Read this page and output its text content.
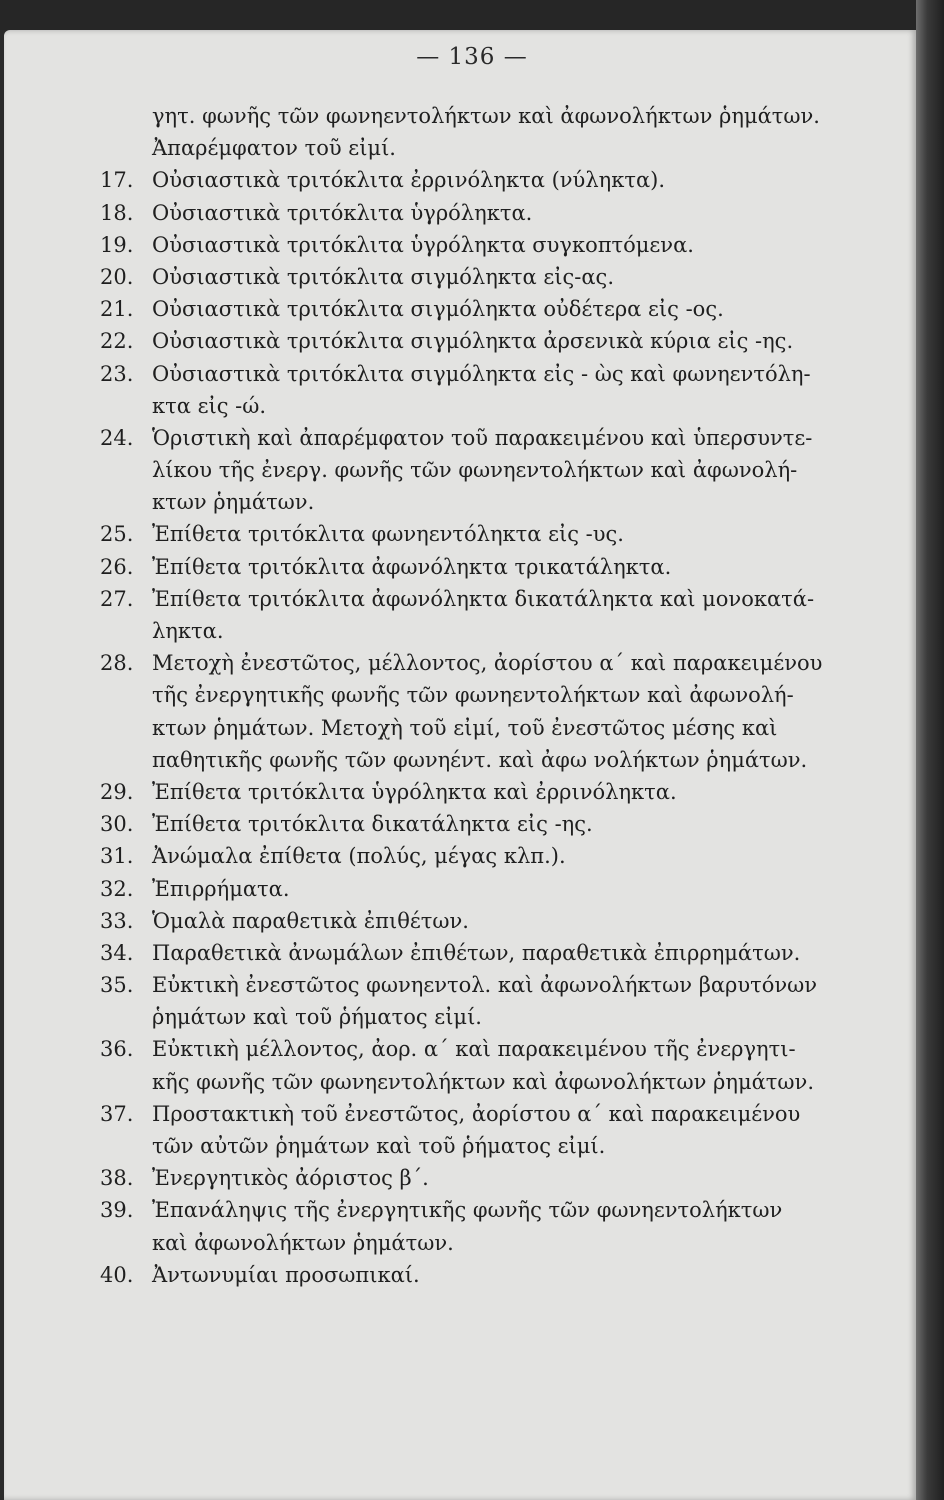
— 136 —
γητ. φωνῆς τῶν φωνηεντολήκτων καὶ ἀφωνολήκτων ῥημάτων.
Ἀπαρέμφατον τοῦ εἰμί.
17. Οὐσιαστικὰ τριτόκλιτα ἐρρινόληκτα (νύληκτα).
18. Οὐσιαστικὰ τριτόκλιτα ὑγρόληκτα.
19. Οὐσιαστικὰ τριτόκλιτα ὑγρόληκτα συγκοπτόμενα.
20. Οὐσιαστικὰ τριτόκλιτα σιγμόληκτα εἰς-ας.
21. Οὐσιαστικὰ τριτόκλιτα σιγμόληκτα οὐδέτερα εἰς -ος.
22. Οὐσιαστικὰ τριτόκλιτα σιγμόληκτα ἀρσενικὰ κύρια εἰς -ης.
23. Οὐσιαστικὰ τριτόκλιτα σιγμόληκτα εἰς - ὼς καὶ φωνηεντόλη-
κτα εἰς -ώ.
24. Ὁριστικὴ καὶ ἀπαρέμφατον τοῦ παρακειμένου καὶ ὑπερσυντε-
λίκου τῆς ἐνεργ. φωνῆς τῶν φωνηεντολήκτων καὶ ἀφωνολή-
κτων ῥημάτων.
25. Ἐπίθετα τριτόκλιτα φωνηεντόληκτα εἰς -υς.
26. Ἐπίθετα τριτόκλιτα ἀφωνόληκτα τρικατάληκτα.
27. Ἐπίθετα τριτόκλιτα ἀφωνόληκτα δικατάληκτα καὶ μονοκατά-
ληκτα.
28. Μετοχὴ ἐνεστῶτος, μέλλοντος, ἀορίστου α´ καὶ παρακειμένου
τῆς ἐνεργητικῆς φωνῆς τῶν φωνηεντολήκτων καὶ ἀφωνολή-
κτων ῥημάτων. Μετοχὴ τοῦ εἰμί, τοῦ ἐνεστῶτος μέσης καὶ
παθητικῆς φωνῆς τῶν φωνηέντ. καὶ ἀφω νολήκτων ῥημάτων.
29. Ἐπίθετα τριτόκλιτα ὑγρόληκτα καὶ ἐρρινόληκτα.
30. Ἐπίθετα τριτόκλιτα δικατάληκτα εἰς -ης.
31. Ἀνώμαλα ἐπίθετα (πολύς, μέγας κλπ.).
32. Ἐπιρρήματα.
33. Ὁμαλὰ παραθετικὰ ἐπιθέτων.
34. Παραθετικὰ ἀνωμάλων ἐπιθέτων, παραθετικὰ ἐπιρρημάτων.
35. Εὐκτικὴ ἐνεστῶτος φωνηεντολ. καὶ ἀφωνολήκτων βαρυτόνων
ῥημάτων καὶ τοῦ ῥήματος εἰμί.
36. Εὐκτικὴ μέλλοντος, ἀορ. α´ καὶ παρακειμένου τῆς ἐνεργητι-
κῆς φωνῆς τῶν φωνηεντολήκτων καὶ ἀφωνολήκτων ῥημάτων.
37. Προστακτικὴ τοῦ ἐνεστῶτος, ἀορίστου α´ καὶ παρακειμένου
τῶν αὐτῶν ῥημάτων καὶ τοῦ ῥήματος εἰμί.
38. Ἐνεργητικὸς ἀόριστος β´.
39. Ἐπανάληψις τῆς ἐνεργητικῆς φωνῆς τῶν φωνηεντολήκτων
καὶ ἀφωνολήκτων ῥημάτων.
40. Ἀντωνυμίαι προσωπικαί.
